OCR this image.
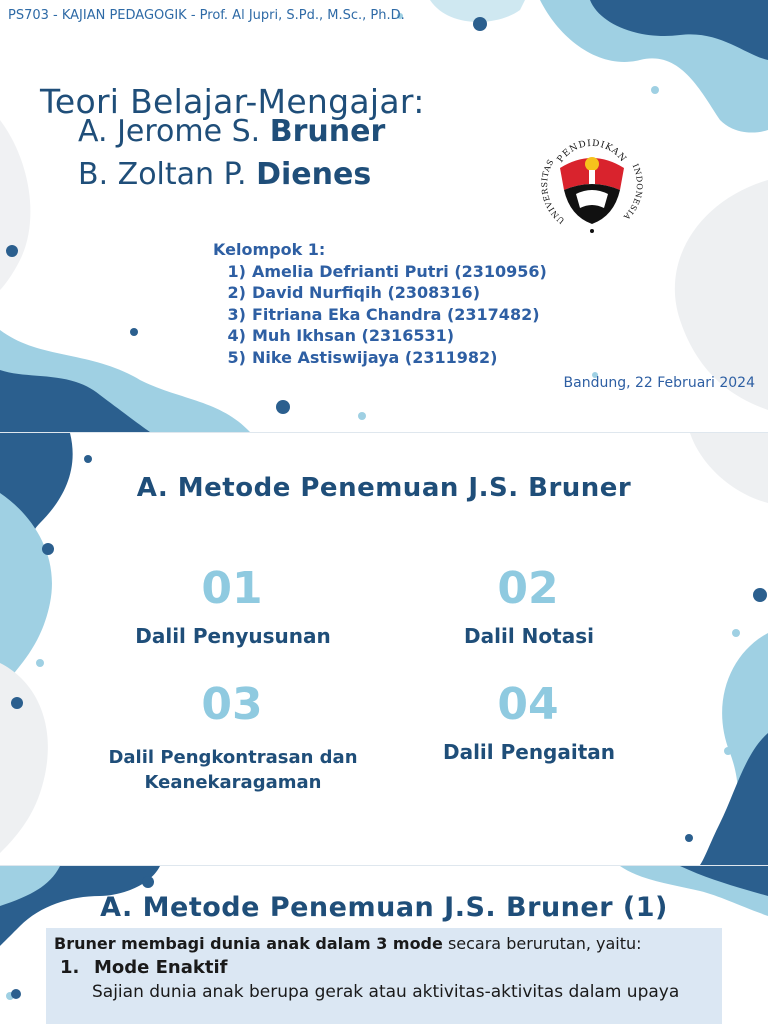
PS703 - KAJIAN PEDAGOGIK - Prof. Al Jupri, S.Pd., M.Sc., Ph.D.

Teori Belajar-Mengajar:
A. Jerome S. Bruner
B. Zoltan P. Dienes	PENDIDIKAN
UNIVERSITAS	INDONESIA
Kelompok 1:
1) Amelia Defrianti Putri (2310956)
2) David Nurfiqih (2308316)
3) Fitriana Eka Chandra (2317482)
4) Muh Ikhsan (2316531)
5) Nike Astiswijaya (2311982)

Bandung, 22 Februari 2024

A. Metode Penemuan J.S. Bruner
01
Dalil Penyusunan
02
Dalil Notasi
03
Dalil Pengkontrasan dan Keanekaragaman
04
Dalil Pengaitan
A. Metode Penemuan J.S. Bruner (1)
Bruner membagi dunia anak dalam 3 mode secara berurutan, yaitu:
1. Mode Enaktif
Sajian dunia anak berupa gerak atau aktivitas-aktivitas dalam upaya
